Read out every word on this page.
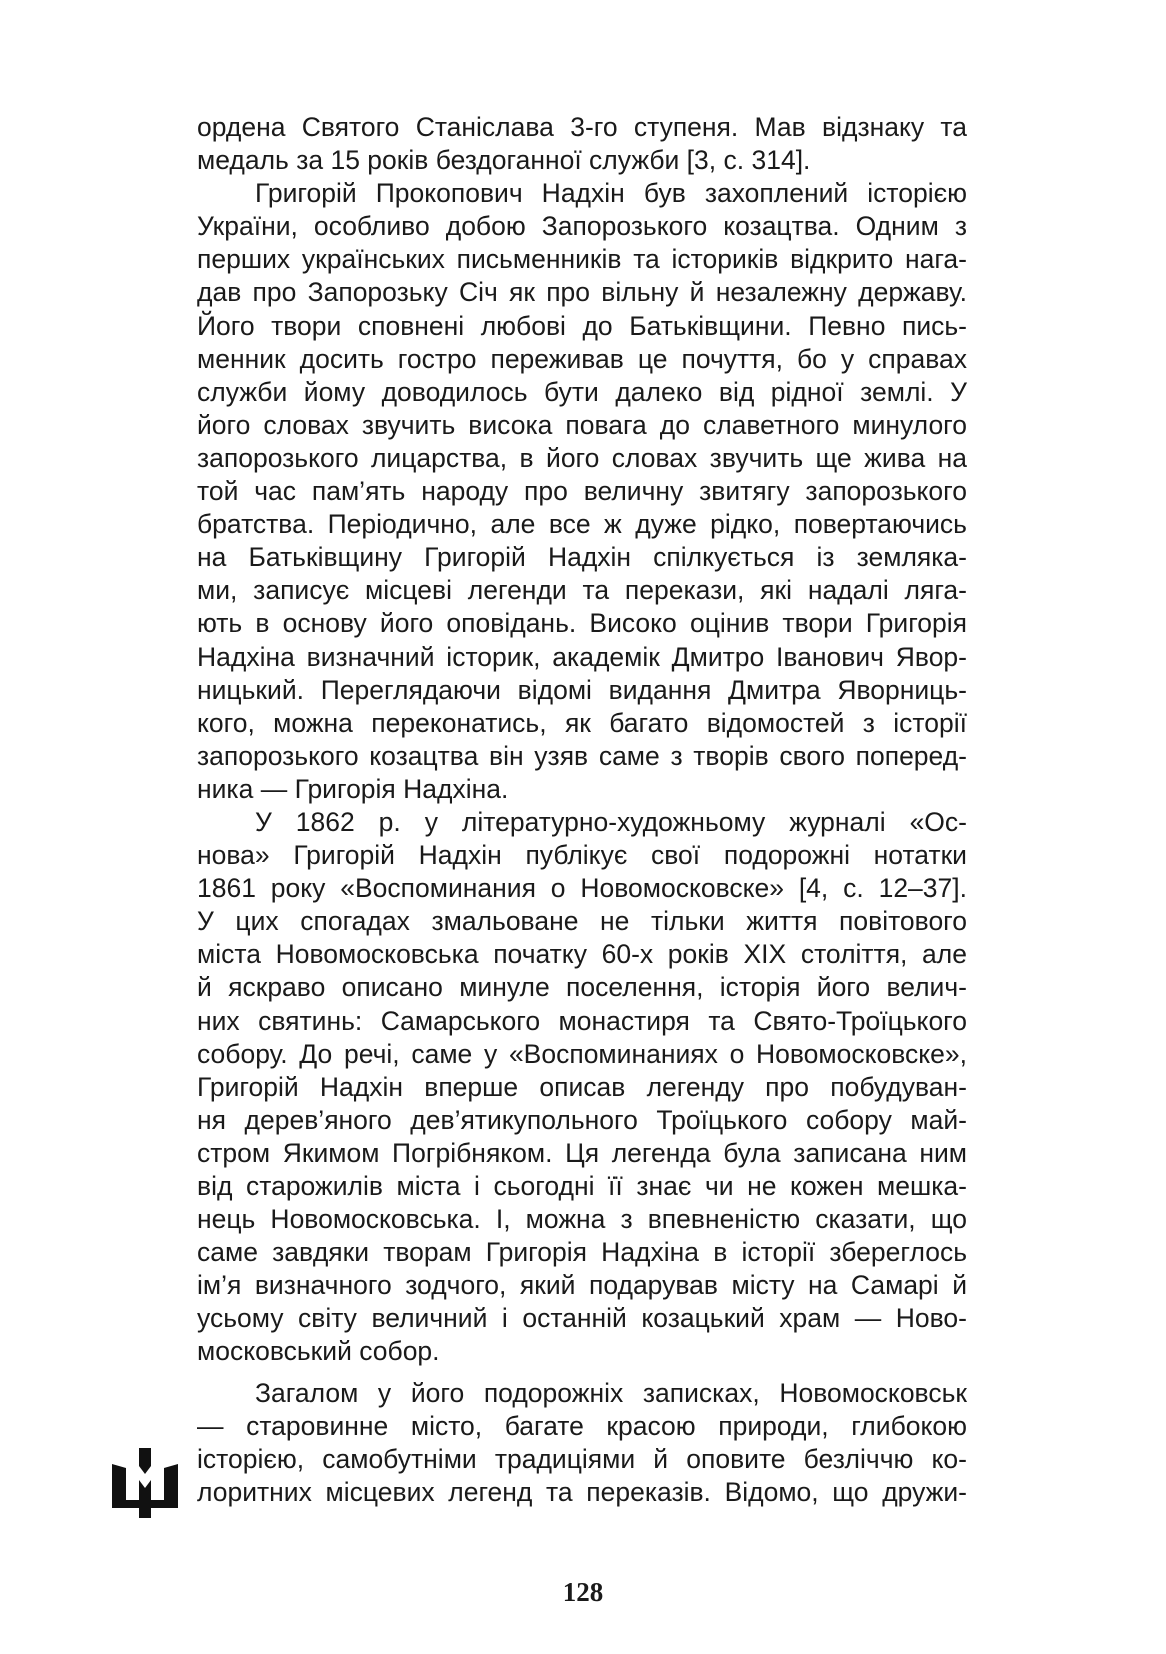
ордена Святого Станіслава 3-го ступеня. Мав відзнаку та
медаль за 15 років бездоганної служби [3, с. 314].
Григорій Прокопович Надхін був захоплений історією
України, особливо добою Запорозького козацтва. Одним з
перших українських письменників та істориків відкрито нага-
дав про Запорозьку Січ як про вільну й незалежну державу.
Його твори сповнені любові до Батьківщини. Певно пись-
менник досить гостро переживав це почуття, бо у справах
служби йому доводилось бути далеко від рідної землі. У
його словах звучить висока повага до славетного минулого
запорозького лицарства, в його словах звучить ще жива на
той час пам’ять народу про величну звитягу запорозького
братства. Періодично, але все ж дуже рідко, повертаючись
на Батьківщину Григорій Надхін спілкується із земляка-
ми, записує місцеві легенди та перекази, які надалі ляга-
ють в основу його оповідань. Високо оцінив твори Григорія
Надхіна визначний історик, академік Дмитро Іванович Явор-
ницький. Переглядаючи відомі видання Дмитра Яворниць-
кого, можна переконатись, як багато відомостей з історії
запорозького козацтва він узяв саме з творів свого поперед-
ника — Григорія Надхіна.
У 1862 р. у літературно-художньому журналі «Ос-
нова» Григорій Надхін публікує свої подорожні нотатки
1861 року «Воспоминания о Новомосковске» [4, с. 12–37].
У цих спогадах змальоване не тільки життя повітового
міста Новомосковська початку 60-х років XIX століття, але
й яскраво описано минуле поселення, історія його велич-
них святинь: Самарського монастиря та Свято-Троїцького
собору. До речі, саме у «Воспоминаниях о Новомосковске»,
Григорій Надхін вперше описав легенду про побудуван-
ня дерев’яного дев’ятикупольного Троїцького собору май-
стром Якимом Погрібняком. Ця легенда була записана ним
від старожилів міста і сьогодні її знає чи не кожен мешка-
нець Новомосковська. І, можна з впевненістю сказати, що
саме завдяки творам Григорія Надхіна в історії збереглось
ім’я визначного зодчого, який подарував місту на Самарі й
усьому світу величний і останній козацький храм — Ново-
московський собор.
Загалом у його подорожніх записках, Новомосковськ
— старовинне місто, багате красою природи, глибокою
історією, самобутніми традиціями й оповите безліччю ко-
лоритних місцевих легенд та переказів. Відомо, що дружи-
128
